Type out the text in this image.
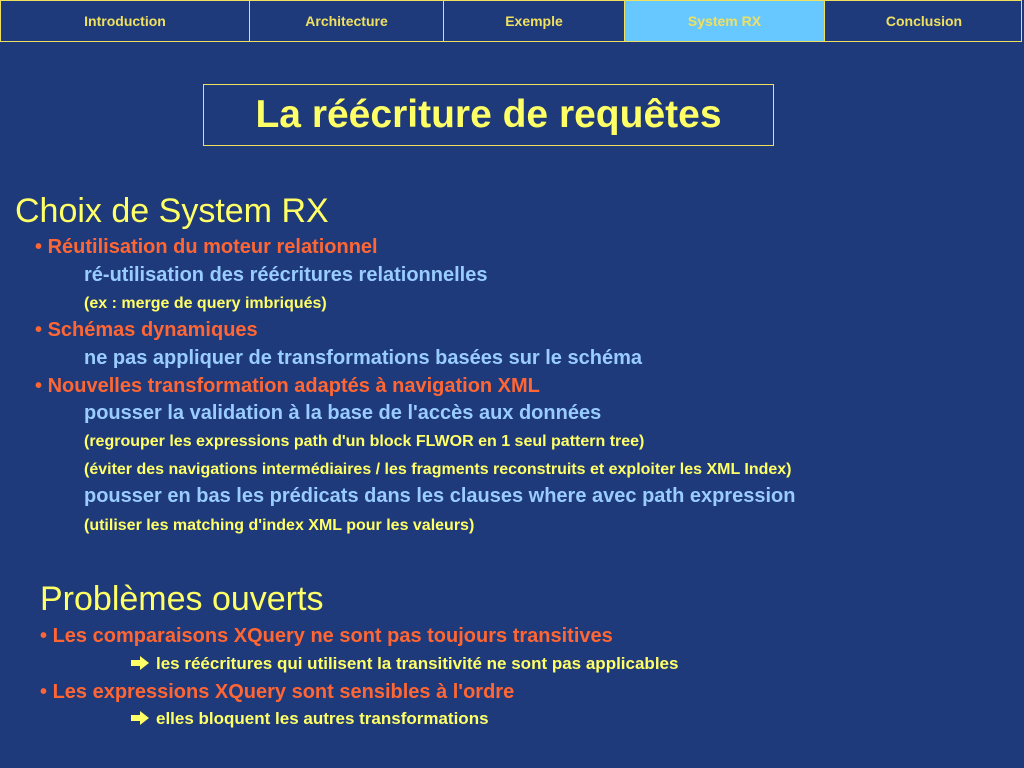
Introduction	Architecture	Exemple	System RX	Conclusion
La réécriture de requêtes
Choix de System RX
• Réutilisation du moteur relationnel
ré-utilisation des réécritures relationnelles
(ex : merge de query imbriqués)
• Schémas dynamiques
ne pas appliquer de transformations basées sur le schéma
• Nouvelles transformation adaptés à navigation XML
pousser la validation à la base de l'accès aux données
(regrouper les expressions path d'un block FLWOR en 1 seul pattern tree)
(éviter des navigations intermédiaires / les fragments reconstruits et exploiter les XML Index)
pousser en bas les prédicats dans les clauses where avec path expression
(utiliser les matching d'index XML pour les valeurs)
Problèmes ouverts
• Les comparaisons XQuery ne sont pas toujours transitives
les réécritures qui utilisent la transitivité ne sont pas applicables
• Les expressions XQuery sont sensibles à l'ordre
elles bloquent les autres transformations
